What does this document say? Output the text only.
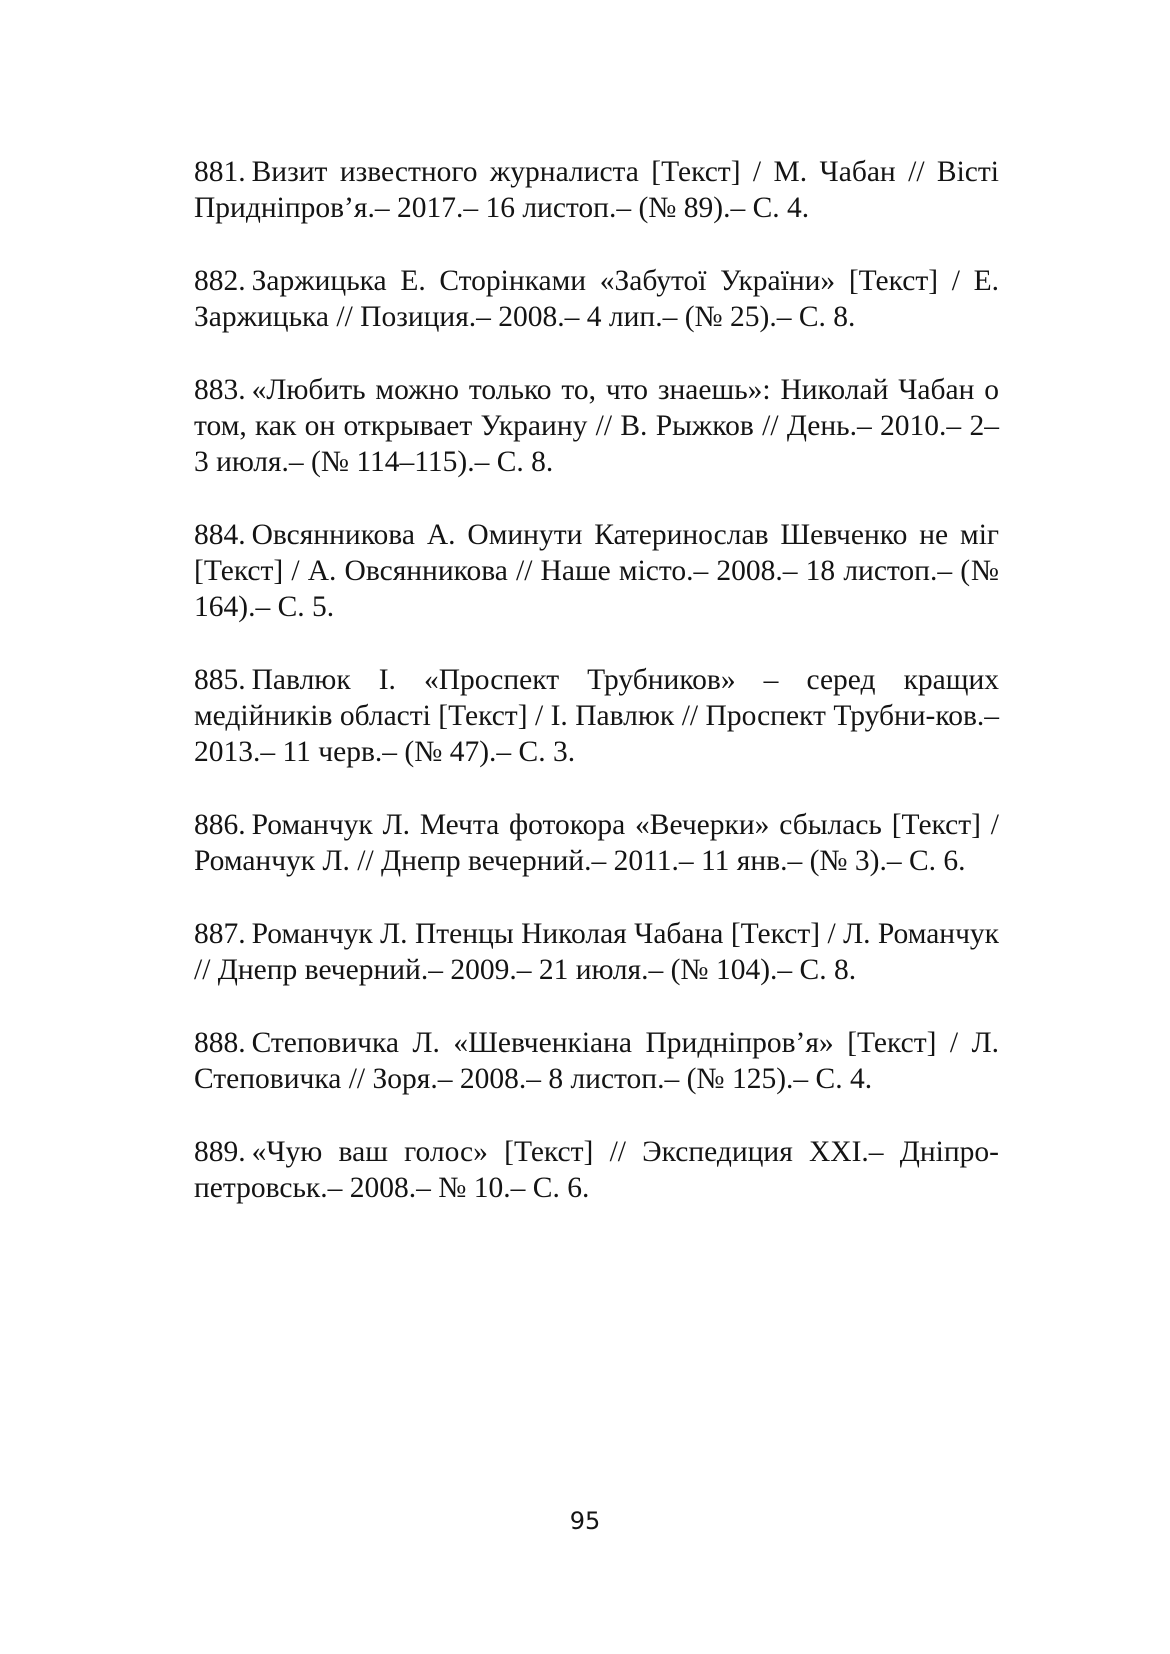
881. Визит известного журналиста [Текст] / М. Чабан // Вісті Придніпров’я.– 2017.– 16 листоп.– (№ 89).– С. 4.
882. Заржицька Е. Сторінками «Забутої України» [Текст] / Е. Заржицька // Позиция.– 2008.– 4 лип.– (№ 25).– С. 8.
883. «Любить можно только то, что знаешь»: Николай Чабан о том, как он открывает Украину // В. Рыжков // День.– 2010.– 2–3 июля.– (№ 114–115).– С. 8.
884. Овсянникова А. Оминути Катеринослав Шевченко не міг [Текст] / А. Овсянникова // Наше місто.– 2008.– 18 листоп.– (№ 164).– С. 5.
885. Павлюк І. «Проспект Трубников» – серед кращих медійників області [Текст] / І. Павлюк // Проспект Трубни-ков.– 2013.– 11 черв.– (№ 47).– С. 3.
886. Романчук Л. Мечта фотокора «Вечерки» сбылась [Текст] / Романчук Л. // Днепр вечерний.– 2011.– 11 янв.– (№ 3).– С. 6.
887. Романчук Л. Птенцы Николая Чабана [Текст] / Л. Романчук // Днепр вечерний.– 2009.– 21 июля.– (№ 104).– С. 8.
888. Степовичка Л. «Шевченкіана Придніпров’я» [Текст] / Л. Степовичка // Зоря.– 2008.– 8 листоп.– (№ 125).– С. 4.
889. «Чую ваш голос» [Текст] // Экспедиция XXI.– Дніпро-петровськ.– 2008.– № 10.– С. 6.
95
